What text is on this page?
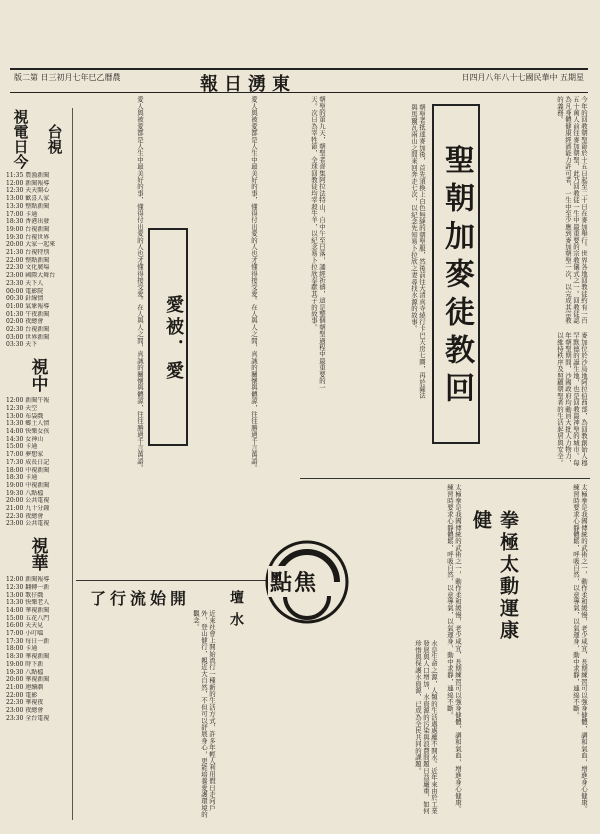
版二第 日三初月七年巳乙曆農	日四月八年八十七國民華中 五期星
報日湧東
視電日今 台視
11:35 農漁新聞
12:00 新聞報導
12:30 天天開心
13:00 歡喜人家
13:30 整點新聞
17:00 卡通
18:30 香港出發
19:00 台視新聞
19:30 台視世界
20:00 大家一起來
21:30 台視特別
22:00 整點新聞
22:30 文化廣場
23:00 國際大舞台
23:30 天下人
00:00 電影院
00:30 針線情
01:00 氣象報導
01:30 午夜新聞
02:00 夜總會
02:30 台視新聞
03:00 世界新聞
03:30 天下
視中
12:00 新聞午報
12:30 天空
13:00 布袋戲
13:30 鄉土人情
14:00 快樂女孩
14:30 女神山
15:00 卡通
17:00 夢想家
17:30 成長日記
18:00 中視新聞
18:30 卡通
19:00 中視新聞
19:30 八點檔
20:00 公共電視
21:00 九十分鐘
22:30 夜總會
23:00 公共電視
視華
12:00 新聞報導
12:30 翻轉一新
13:00 歌仔戲
13:30 快樂老人
14:00 華視新聞
15:00 五花八門
16:00 天天見
17:00 小叮噹
17:30 每日一新
18:00 卡通
18:30 華視新聞
19:00 時下新
19:30 八點檔
20:00 華視新聞
21:00 連續劇
22:00 電影
22:30 華視夜
23:00 夜總會
23:30 全台電視
今年的回教朝聖節於十五日起至二十日在麥加舉行。世界各地回教徒約有一百五十萬人前往麥加朝聖，此乃回教徒一生中最重要的宗教儀式之一。回教徒認為凡身體健康經濟能力許可者，一生中至少應到麥加朝聖一次，以完成其宗教的義務。
麥加位於沙烏地阿拉伯西部，為回教創始人穆罕默德的誕生地，也是回教最神聖的城市。每年朝聖期間，沙國政府均動員大批人力物力，以維持秩序及照顧朝聖者的生活起居與安全。
聖朝加麥徒教回
朝聖者抵達麥加後，首先須換上白色無縫的朝聖服，然後前往大清真寺繞行卡巴天房七圈，再於薩法與馬爾瓦兩山之間來回奔走七次，以紀念先知易卜拉欣之妻尋找水源的故事。
朝聖的第九天，朝聖者齊集阿拉法特山，自中午至日落，誦經祈禱，這是整個朝聖過程中最重要的一天。次日為宰牲節，全球回教徒均宰殺牛羊，以紀念易卜拉欣奉獻其子的故事。
拳極太動運康健	太極拳是我國傳統的武術之一，動作柔和緩慢，老少咸宜，長期練習可以強身健體，調和氣血，增進身心健康。練習時要求心靜體鬆，呼吸自然，以意導氣，以氣運身，動中求靜，連綿不斷。
太極拳是我國傳統的武術之一，動作柔和緩慢，老少咸宜，長期練習可以強身健體，調和氣血，增進身心健康。練習時要求心靜體鬆，呼吸自然，以意導氣，以氣運身，動中求靜，連綿不斷。
愛被．愛	愛人與被愛都是人生中最美好的事，懂得付出愛的人也才懂得接受愛。在人與人之間，真誠的關懷與體諒，往往勝過千言萬語。
愛人與被愛都是人生中最美好的事，懂得付出愛的人也才懂得接受愛。在人與人之間，真誠的關懷與體諒，往往勝過千言萬語。
了行流始開
近來社會上開始流行一種新的生活方式，許多年輕人利用假日走向戶外，登山健行，親近大自然，不但可以舒展身心，更能培養愛護環境的觀念。	壇水
點焦
水是生命之源，人類的生活處處離不開水。近年來由於工業發展與人口增加，水資源的污染與浪費問題日益嚴重，如何珍惜與保護水資源，已成為全民共同的課題。
